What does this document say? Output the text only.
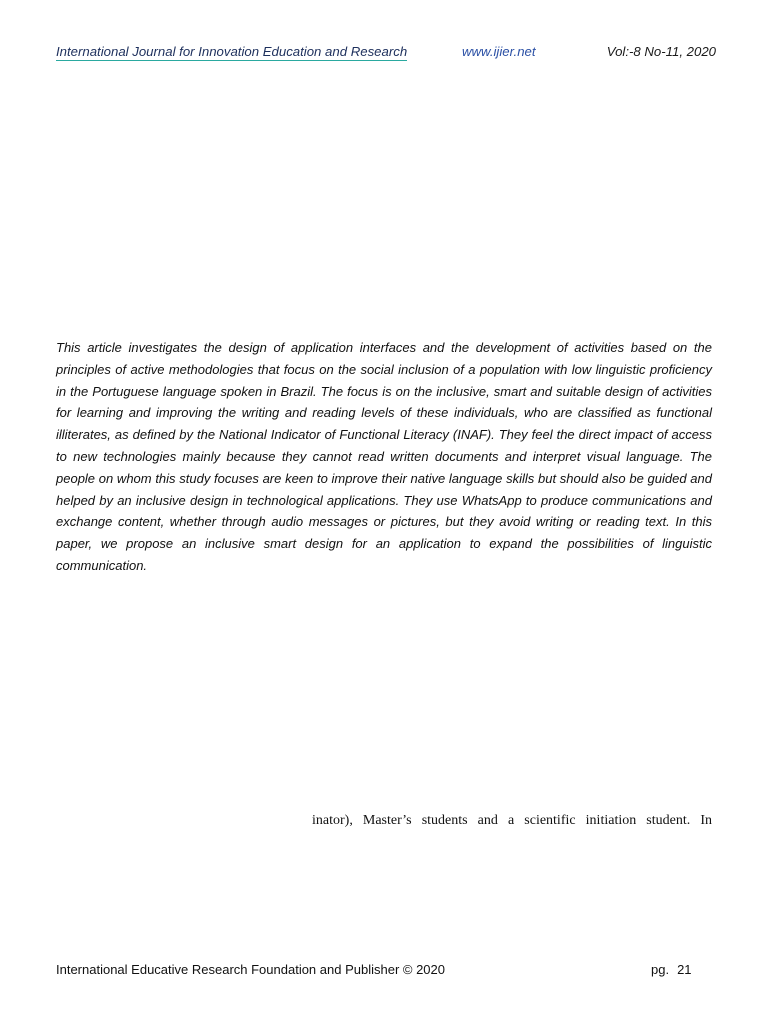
International Journal for Innovation Education and Research	www.ijier.net	Vol:-8 No-11, 2020

This article investigates the design of application interfaces and the development of activities based on the principles of active methodologies that focus on the social inclusion of a population with low linguistic proficiency in the Portuguese language spoken in Brazil. The focus is on the inclusive, smart and suitable design of activities for learning and improving the writing and reading levels of these individuals, who are classified as functional illiterates, as defined by the National Indicator of Functional Literacy (INAF). They feel the direct impact of access to new technologies mainly because they cannot read written documents and interpret visual language. The people on whom this study focuses are keen to improve their native language skills but should also be guided and helped by an inclusive design in technological applications. They use WhatsApp to produce communications and exchange content, whether through audio messages or pictures, but they avoid writing or reading text. In this paper, we propose an inclusive smart design for an application to expand the possibilities of linguistic communication.

inator), Master’s students and a scientific initiation student. In
International Educative Research Foundation and Publisher © 2020	pg. 21
